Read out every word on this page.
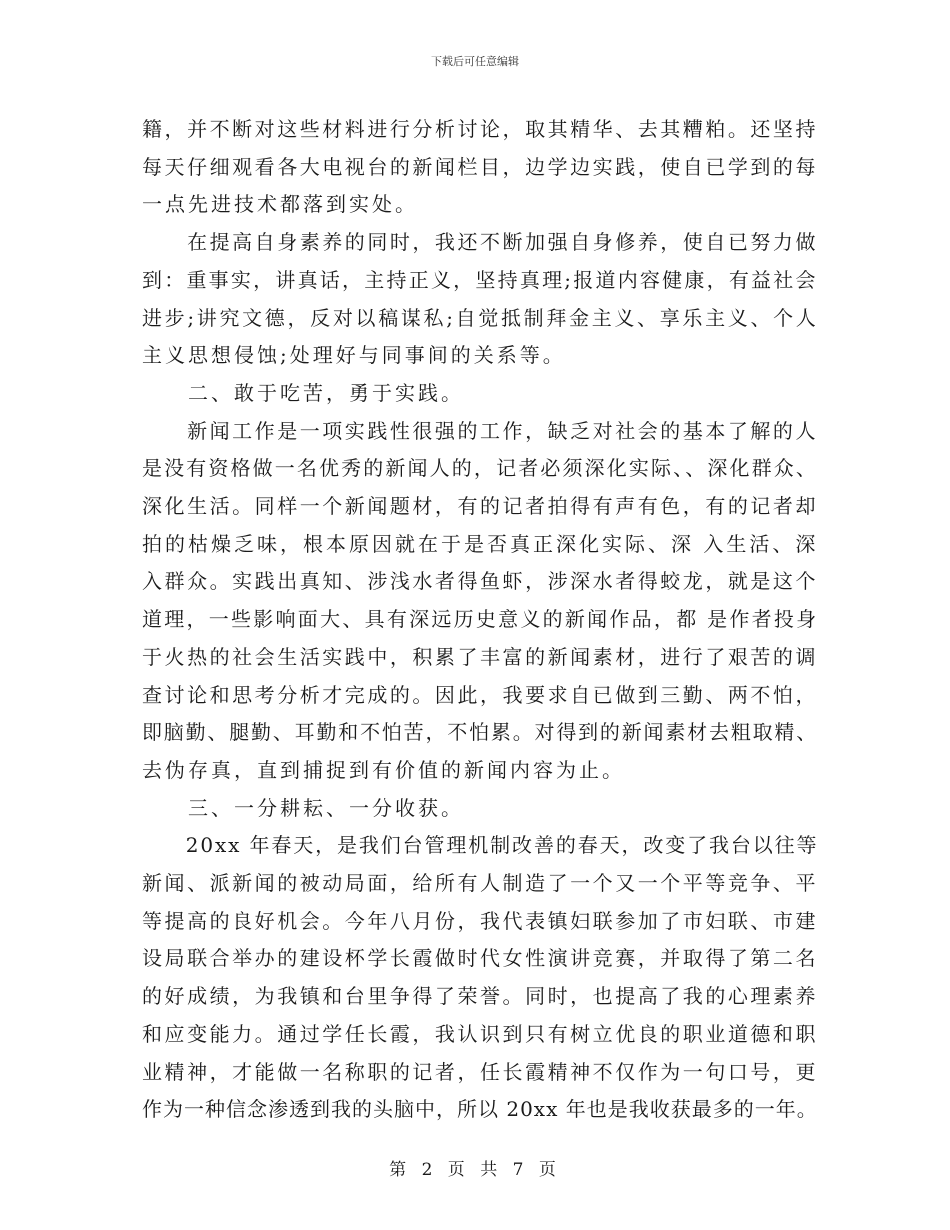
下载后可任意编辑
籍，并不断对这些材料进行分析讨论，取其精华、去其糟粕。还坚持
每天仔细观看各大电视台的新闻栏目，边学边实践，使自已学到的每
一点先进技术都落到实处。
　　在提高自身素养的同时，我还不断加强自身修养，使自已努力做
到：重事实，讲真话，主持正义，坚持真理;报道内容健康，有益社会
进步;讲究文德，反对以稿谋私;自觉抵制拜金主义、享乐主义、个人
主义思想侵蚀;处理好与同事间的关系等。
　　二、敢于吃苦，勇于实践。
　　新闻工作是一项实践性很强的工作，缺乏对社会的基本了解的人
是没有资格做一名优秀的新闻人的，记者必须深化实际、、深化群众、
深化生活。同样一个新闻题材，有的记者拍得有声有色，有的记者却
拍的枯燥乏味，根本原因就在于是否真正深化实际、深 入生活、深
入群众。实践出真知、涉浅水者得鱼虾，涉深水者得蛟龙，就是这个
道理，一些影响面大、具有深远历史意义的新闻作品，都 是作者投身
于火热的社会生活实践中，积累了丰富的新闻素材，进行了艰苦的调
查讨论和思考分析才完成的。因此，我要求自已做到三勤、两不怕，
即脑勤、腿勤、耳勤和不怕苦，不怕累。对得到的新闻素材去粗取精、
去伪存真，直到捕捉到有价值的新闻内容为止。
　　三、一分耕耘、一分收获。
　　20xx 年春天，是我们台管理机制改善的春天，改变了我台以往等
新闻、派新闻的被动局面，给所有人制造了一个又一个平等竞争、平
等提高的良好机会。今年八月份，我代表镇妇联参加了市妇联、市建
设局联合举办的建设杯学长霞做时代女性演讲竞赛，并取得了第二名
的好成绩，为我镇和台里争得了荣誉。同时，也提高了我的心理素养
和应变能力。通过学任长霞，我认识到只有树立优良的职业道德和职
业精神，才能做一名称职的记者，任长霞精神不仅作为一句口号，更
作为一种信念渗透到我的头脑中，所以 20xx 年也是我收获最多的一年。
第 2 页 共 7 页
